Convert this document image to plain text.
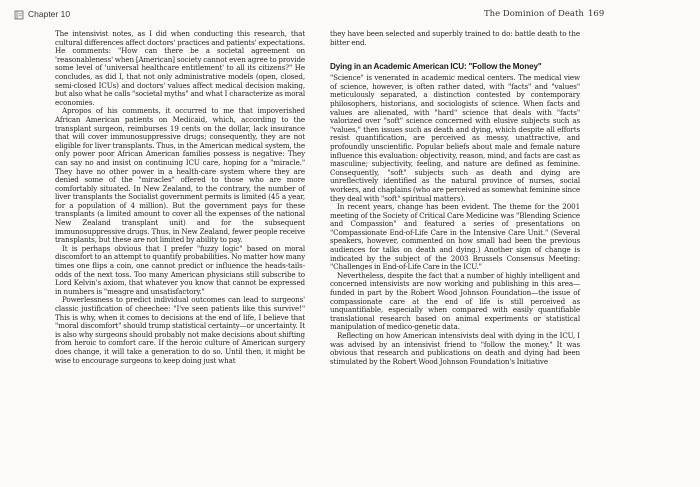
Chapter 10	The Dominion of Death 169

The intensivist notes, as I did when conducting this research, that cultural differences affect doctors' practices and patients' expectations. He comments: "How can there be a societal agreement on 'reasonableness' when [American] society cannot even agree to provide some level of 'universal healthcare entitlement' to all its citizens?" He concludes, as did I, that not only administrative models (open, closed, semi-closed ICUs) and doctors' values affect medical decision making, but also what he calls "societal myths" and what I characterize as moral economies.

Apropos of his comments, it occurred to me that impoverished African American patients on Medicaid, which, according to the transplant surgeon, reimburses 19 cents on the dollar, lack insurance that will cover immunosuppressive drugs; consequently, they are not eligible for liver transplants. Thus, in the American medical system, the only power poor African American families possess is negative: They can say no and insist on continuing ICU care, hoping for a "miracle." They have no other power in a health-care system where they are denied some of the "miracles" offered to those who are more comfortably situated. In New Zealand, to the contrary, the number of liver transplants the Socialist government permits is limited (45 a year, for a population of 4 million). But the government pays for these transplants (a limited amount to cover all the expenses of the national New Zealand transplant unit) and for the subsequent immunosuppressive drugs. Thus, in New Zealand, fewer people receive transplants, but these are not limited by ability to pay.

It is perhaps obvious that I prefer "fuzzy logic" based on moral discomfort to an attempt to quantify probabilities. No matter how many times one flips a coin, one cannot predict or influence the heads-tails-odds of the next toss. Too many American physicians still subscribe to Lord Kelvin's axiom, that whatever you know that cannot be expressed in numbers is "meagre and unsatisfactory."

Powerlessness to predict individual outcomes can lead to surgeons' classic justification of cheechee: "I've seen patients like this survive!" This is why, when it comes to decisions at the end of life, I believe that "moral discomfort" should trump statistical certainty—or uncertainty. It is also why surgeons should probably not make decisions about shifting from heroic to comfort care. If the heroic culture of American surgery does change, it will take a generation to do so. Until then, it might be wise to encourage surgeons to keep doing just what

they have been selected and superbly trained to do: battle death to the bitter end.

Dying in an Academic American ICU: "Follow the Money"

"Science" is venerated in academic medical centers. The medical view of science, however, is often rather dated, with "facts" and "values" meticulously separated, a distinction contested by contemporary philosophers, historians, and sociologists of science. When facts and values are alienated, with "hard" science that deals with "facts" valorized over "soft" science concerned with elusive subjects such as "values," then issues such as death and dying, which despite all efforts resist quantification, are perceived as messy, unattractive, and profoundly unscientific. Popular beliefs about male and female nature influence this evaluation: objectivity, reason, mind, and facts are cast as masculine; subjectivity, feeling, and nature are defined as feminine. Consequently, "soft" subjects such as death and dying are unreflectively identified as the natural province of nurses, social workers, and chaplains (who are perceived as somewhat feminine since they deal with "soft" spiritual matters).

In recent years, change has been evident. The theme for the 2001 meeting of the Society of Critical Care Medicine was "Blending Science and Compassion" and featured a series of presentations on "Compassionate End-of-Life Care in the Intensive Care Unit." (Several speakers, however, commented on how small had been the previous audiences for talks on death and dying.) Another sign of change is indicated by the subject of the 2003 Brussels Consensus Meeting: "Challenges in End-of-Life Care in the ICU."

Nevertheless, despite the fact that a number of highly intelligent and concerned intensivists are now working and publishing in this area—funded in part by the Robert Wood Johnson Foundation—the issue of compassionate care at the end of life is still perceived as unquantifiable, especially when compared with easily quantifiable translational research based on animal experiments or statistical manipulation of medico-genetic data.

Reflecting on how American intensivists deal with dying in the ICU, I was advised by an intensivist friend to "follow the money." It was obvious that research and publications on death and dying had been stimulated by the Robert Wood Johnson Foundation's Initiative
